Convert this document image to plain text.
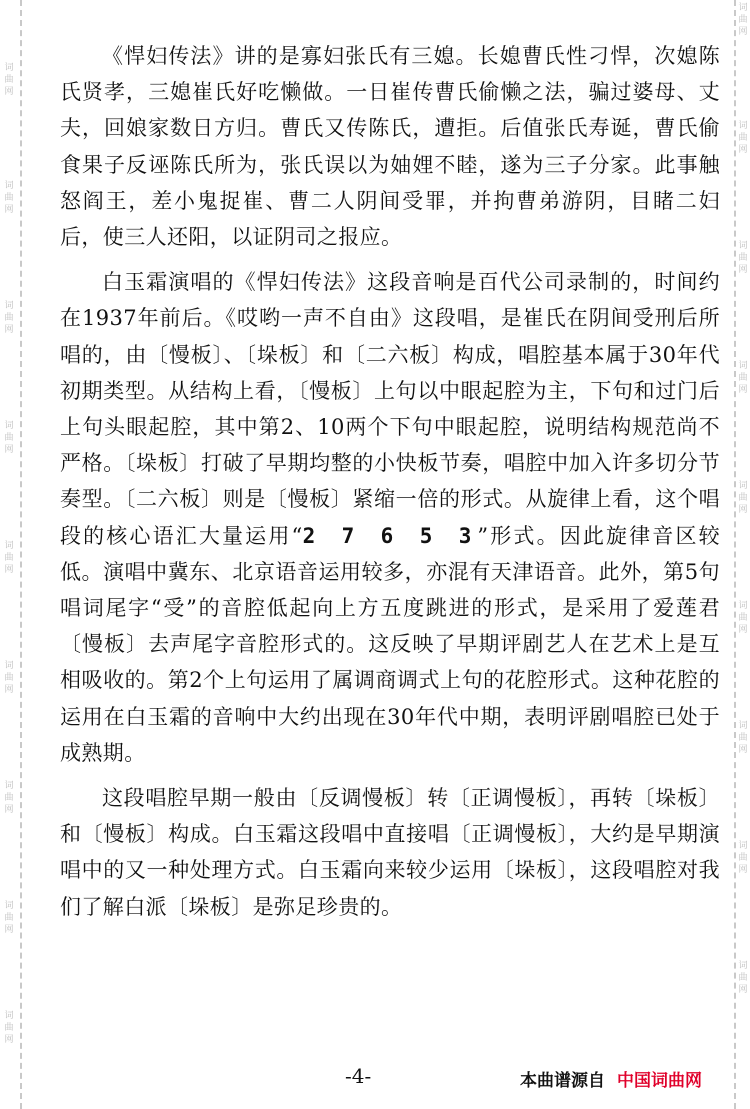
词曲网
词曲网
词曲网
词曲网
词曲网
词曲网
词曲网
词曲网
词曲网
词曲网
词曲网
词曲网
词曲网
词曲网
词曲网
词曲网
词曲网
词曲网

《悍妇传法》讲的是寡妇张氏有三媳。长媳曹氏性刁悍，次媳陈氏贤孝，三媳崔氏好吃懒做。一日崔传曹氏偷懒之法，骗过婆母、丈夫，回娘家数日方归。曹氏又传陈氏，遭拒。后值张氏寿诞，曹氏偷食果子反诬陈氏所为，张氏误以为妯娌不睦，遂为三子分家。此事触怒阎王，差小鬼捉崔、曹二人阴间受罪，并拘曹弟游阴，目睹二妇后，使三人还阳，以证阴司之报应。

白玉霜演唱的《悍妇传法》这段音响是百代公司录制的，时间约在1937年前后。《哎哟一声不自由》这段唱，是崔氏在阴间受刑后所唱的，由〔慢板〕、〔垛板〕和〔二六板〕构成，唱腔基本属于30年代初期类型。从结构上看，〔慢板〕上句以中眼起腔为主，下句和过门后上句头眼起腔，其中第2、10两个下句中眼起腔，说明结构规范尚不严格。〔垛板〕打破了早期均整的小快板节奏，唱腔中加入许多切分节奏型。〔二六板〕则是〔慢板〕紧缩一倍的形式。从旋律上看，这个唱段的核心语汇大量运用“2 7 6 5 3”形式。因此旋律音区较低。演唱中冀东、北京语音运用较多，亦混有天津语音。此外，第5句唱词尾字“受”的音腔低起向上方五度跳进的形式，是采用了爱莲君〔慢板〕去声尾字音腔形式的。这反映了早期评剧艺人在艺术上是互相吸收的。第2个上句运用了属调商调式上句的花腔形式。这种花腔的运用在白玉霜的音响中大约出现在30年代中期，表明评剧唱腔已处于成熟期。

这段唱腔早期一般由〔反调慢板〕转〔正调慢板〕，再转〔垛板〕和〔慢板〕构成。白玉霜这段唱中直接唱〔正调慢板〕，大约是早期演唱中的又一种处理方式。白玉霜向来较少运用〔垛板〕，这段唱腔对我们了解白派〔垛板〕是弥足珍贵的。

-4-	本曲谱源自 中国词曲网
